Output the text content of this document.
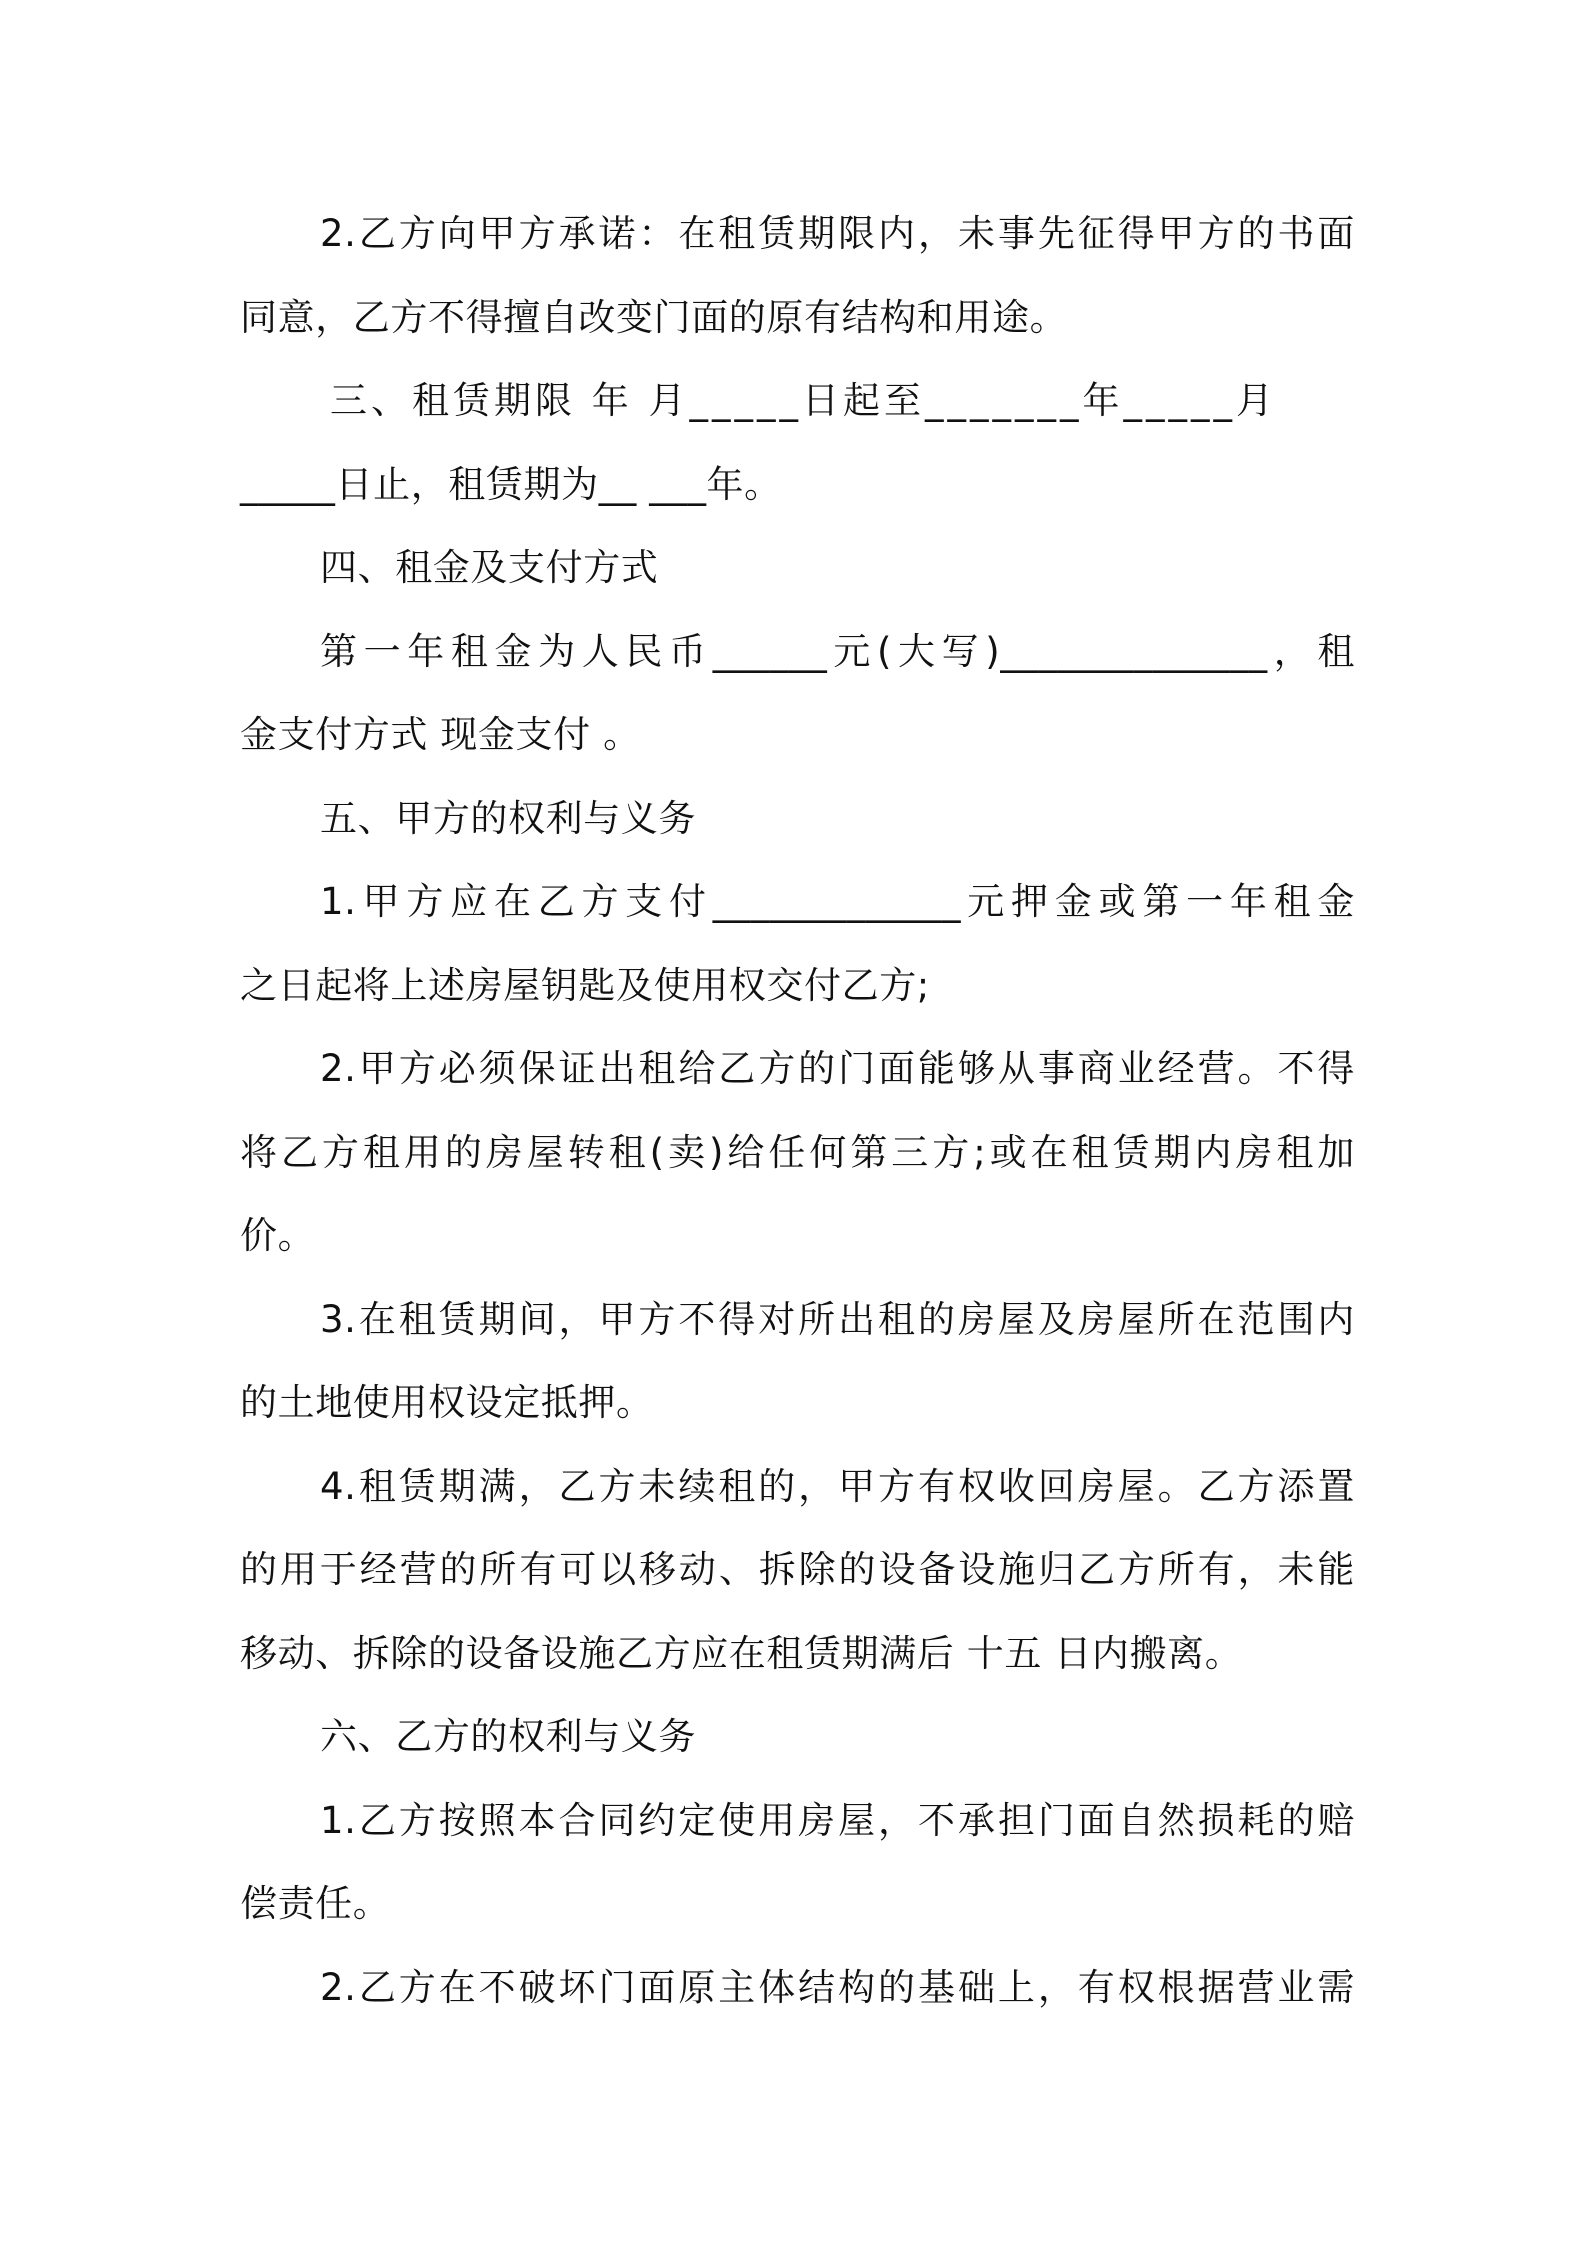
2.乙方向甲方承诺：在租赁期限内，未事先征得甲方的书面
同意，乙方不得擅自改变门面的原有结构和用途。
三、租赁期限 年 月_____日起至_______年_____月
_____日止，租赁期为__ ___年。
四、租金及支付方式
第一年租金为人民币______元(大写)______________，租
金支付方式 现金支付 。
五、甲方的权利与义务
1.甲方应在乙方支付_____________元押金或第一年租金
之日起将上述房屋钥匙及使用权交付乙方;
2.甲方必须保证出租给乙方的门面能够从事商业经营。不得
将乙方租用的房屋转租(卖)给任何第三方;或在租赁期内房租加
价。
3.在租赁期间，甲方不得对所出租的房屋及房屋所在范围内
的土地使用权设定抵押。
4.租赁期满，乙方未续租的，甲方有权收回房屋。乙方添置
的用于经营的所有可以移动、拆除的设备设施归乙方所有，未能
移动、拆除的设备设施乙方应在租赁期满后 十五 日内搬离。
六、乙方的权利与义务
1.乙方按照本合同约定使用房屋，不承担门面自然损耗的赔
偿责任。
2.乙方在不破坏门面原主体结构的基础上，有权根据营业需
